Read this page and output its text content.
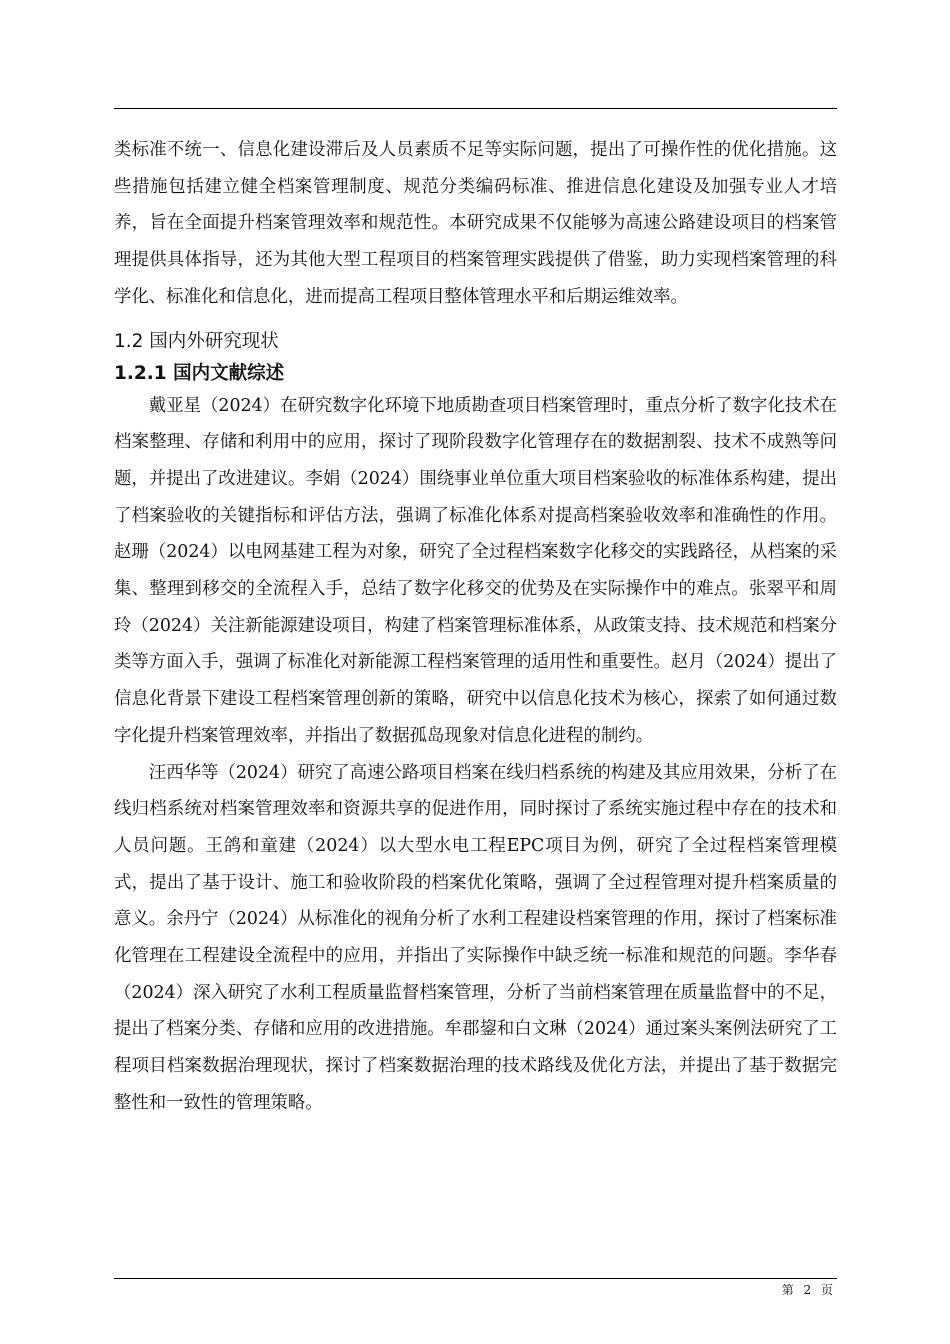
类标准不统一、信息化建设滞后及人员素质不足等实际问题，提出了可操作性的优化措施。这些措施包括建立健全档案管理制度、规范分类编码标准、推进信息化建设及加强专业人才培养，旨在全面提升档案管理效率和规范性。本研究成果不仅能够为高速公路建设项目的档案管理提供具体指导，还为其他大型工程项目的档案管理实践提供了借鉴，助力实现档案管理的科学化、标准化和信息化，进而提高工程项目整体管理水平和后期运维效率。

1.2 国内外研究现状
1.2.1 国内文献综述

戴亚星（2024）在研究数字化环境下地质勘查项目档案管理时，重点分析了数字化技术在档案整理、存储和利用中的应用，探讨了现阶段数字化管理存在的数据割裂、技术不成熟等问题，并提出了改进建议。李娟（2024）围绕事业单位重大项目档案验收的标准体系构建，提出了档案验收的关键指标和评估方法，强调了标准化体系对提高档案验收效率和准确性的作用。赵珊（2024）以电网基建工程为对象，研究了全过程档案数字化移交的实践路径，从档案的采集、整理到移交的全流程入手，总结了数字化移交的优势及在实际操作中的难点。张翠平和周玲（2024）关注新能源建设项目，构建了档案管理标准体系，从政策支持、技术规范和档案分类等方面入手，强调了标准化对新能源工程档案管理的适用性和重要性。赵月（2024）提出了信息化背景下建设工程档案管理创新的策略，研究中以信息化技术为核心，探索了如何通过数字化提升档案管理效率，并指出了数据孤岛现象对信息化进程的制约。

汪西华等（2024）研究了高速公路项目档案在线归档系统的构建及其应用效果，分析了在线归档系统对档案管理效率和资源共享的促进作用，同时探讨了系统实施过程中存在的技术和人员问题。王鸽和童建（2024）以大型水电工程EPC项目为例，研究了全过程档案管理模式，提出了基于设计、施工和验收阶段的档案优化策略，强调了全过程管理对提升档案质量的意义。余丹宁（2024）从标准化的视角分析了水利工程建设档案管理的作用，探讨了档案标准化管理在工程建设全流程中的应用，并指出了实际操作中缺乏统一标准和规范的问题。李华春（2024）深入研究了水利工程质量监督档案管理，分析了当前档案管理在质量监督中的不足，提出了档案分类、存储和应用的改进措施。牟郡鋆和白文琳（2024）通过案头案例法研究了工程项目档案数据治理现状，探讨了档案数据治理的技术路线及优化方法，并提出了基于数据完整性和一致性的管理策略。

第 2 页
